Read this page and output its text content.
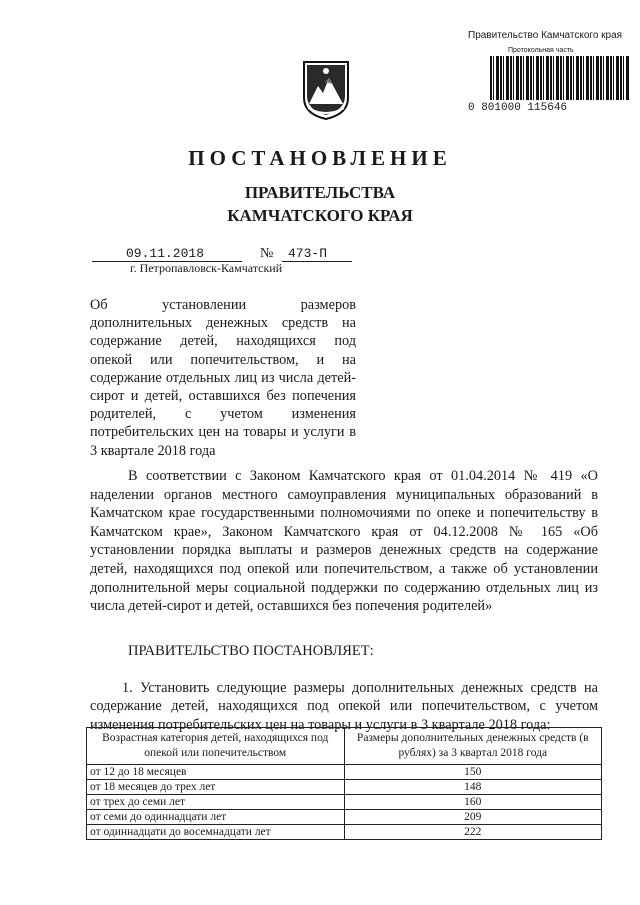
Правительство Камчатского края
Протокольная часть
0 801000 115646
ПОСТАНОВЛЕНИЕ
ПРАВИТЕЛЬСТВА
КАМЧАТСКОГО КРАЯ
09.11.2018	№ 473-П
г. Петропавловск-Камчатский
Об установлении размеров дополнительных денежных средств на содержание детей, находящихся под опекой или попечительством, и на содержание отдельных лиц из числа детей-сирот и детей, оставшихся без попечения родителей, с учетом изменения потребительских цен на товары и услуги в 3 квартале 2018 года
В соответствии с Законом Камчатского края от 01.04.2014 № 419 «О наделении органов местного самоуправления муниципальных образований в Камчатском крае государственными полномочиями по опеке и попечительству в Камчатском крае», Законом Камчатского края от 04.12.2008 № 165 «Об установлении порядка выплаты и размеров денежных средств на содержание детей, находящихся под опекой или попечительством, а также об установлении дополнительной меры социальной поддержки по содержанию отдельных лиц из числа детей-сирот и детей, оставшихся без попечения родителей»
ПРАВИТЕЛЬСТВО ПОСТАНОВЛЯЕТ:
1. Установить следующие размеры дополнительных денежных средств на содержание детей, находящихся под опекой или попечительством, с учетом изменения потребительских цен на товары и услуги в 3 квартале 2018 года:
Возрастная категория детей, находящихся под опекой или попечительством	Размеры дополнительных денежных средств (в рублях) за 3 квартал 2018 года
от 12 до 18 месяцев	150
от 18 месяцев до трех лет	148
от трех до семи лет	160
от семи до одиннадцати лет	209
от одиннадцати до восемнадцати лет	222
